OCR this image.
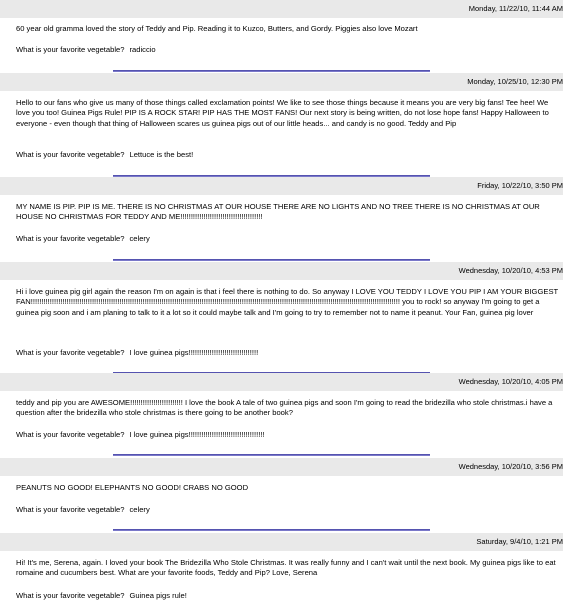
Monday, 11/22/10, 11:44 AM

60 year old gramma loved the story of Teddy and Pip. Reading it to Kuzco, Butters, and Gordy. Piggies also love Mozart

What is your favorite vegetable? radiccio

Monday, 10/25/10, 12:30 PM

Hello to our fans who give us many of those things called exclamation points! We like to see those things because it means you are very big fans! Tee hee! We love you too! Guinea Pigs Rule! PIP IS A ROCK STAR! PIP HAS THE MOST FANS! Our next story is being written, do not lose hope fans! Happy Halloween to everyone - even though that thing of Halloween scares us guinea pigs out of our little heads... and candy is no good. Teddy and Pip

What is your favorite vegetable? Lettuce is the best!

Friday, 10/22/10, 3:50 PM

MY NAME IS PIP. PIP IS ME. THERE IS NO CHRISTMAS AT OUR HOUSE THERE ARE NO LIGHTS AND NO TREE THERE IS NO CHRISTMAS AT OUR HOUSE NO CHRISTMAS FOR TEDDY AND ME!!!!!!!!!!!!!!!!!!!!!!!!!!!!!!!!!!!!!!!

What is your favorite vegetable? celery

Wednesday, 10/20/10, 4:53 PM

Hi i love guinea pig girl again the reason I'm on again is that i feel there is nothing to do. So anyway I LOVE YOU TEDDY I LOVE YOU PIP I AM YOUR BIGGEST FAN!!!!!!!!!!!!!!!!!!!!!!!!!!!!!!!!!!!!!!!!!!!!!!!!!!!!!!!!!!!!!!!!!!!!!!!!!!!!!!!!!!!!!!!!!!!!!!!!!!!!!!!!!!!!!!!!!!!!!!!!!!!!!!!!!!!!!!!!!!!!!!!!!!!!!!!!!!!!!!!!!!!!!!!!!!!!!!! you to rock! so anyway I'm going to get a guinea pig soon and i am planing to talk to it a lot so it could maybe talk and I'm going to try to remember not to name it peanut. Your Fan, guinea pig lover

What is your favorite vegetable? I love guinea pigs!!!!!!!!!!!!!!!!!!!!!!!!!!!!!!!!!

Wednesday, 10/20/10, 4:05 PM

teddy and pip you are AWESOME!!!!!!!!!!!!!!!!!!!!!!!!! I love the book A tale of two guinea pigs and soon I'm going to read the bridezilla who stole christmas.i have a question after the bridezilla who stole christmas is there going to be another book?

What is your favorite vegetable? I love guinea pigs!!!!!!!!!!!!!!!!!!!!!!!!!!!!!!!!!!!!

Wednesday, 10/20/10, 3:56 PM

PEANUTS NO GOOD! ELEPHANTS NO GOOD! CRABS NO GOOD

What is your favorite vegetable? celery

Saturday, 9/4/10, 1:21 PM

Hi! It's me, Serena, again. I loved your book The Bridezilla Who Stole Christmas. It was really funny and I can't wait until the next book. My guinea pigs like to eat romaine and cucumbers best. What are your favorite foods, Teddy and Pip? Love, Serena

What is your favorite vegetable? Guinea pigs rule!
